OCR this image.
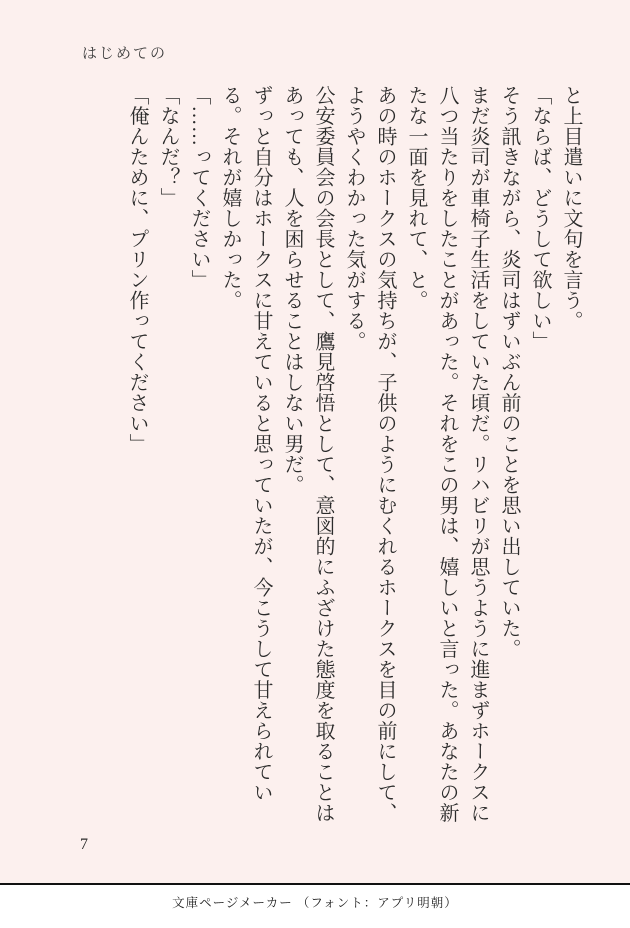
はじめての

と上目遣いに文句を言う。

「ならば、どうして欲しい」

そう訊きながら、炎司はずいぶん前のことを思い出していた。

まだ炎司が車椅子生活をしていた頃だ。リハビリが思うように進まずホークスに八つ当たりをしたことがあった。それをこの男は、嬉しいと言った。あなたの新たな一面を見れて、と。

あの時のホークスの気持ちが、子供のようにむくれるホークスを目の前にして、ようやくわかった気がする。

公安委員会の会長として、鷹見啓悟として、意図的にふざけた態度を取ることはあっても、人を困らせることはしない男だ。

ずっと自分はホークスに甘えていると思っていたが、今こうして甘えられている。それが嬉しかった。

「……ってください」

「なんだ？」

「俺んために、プリン作ってください」

7
文庫ページメーカー （フォント：アプリ明朝）
